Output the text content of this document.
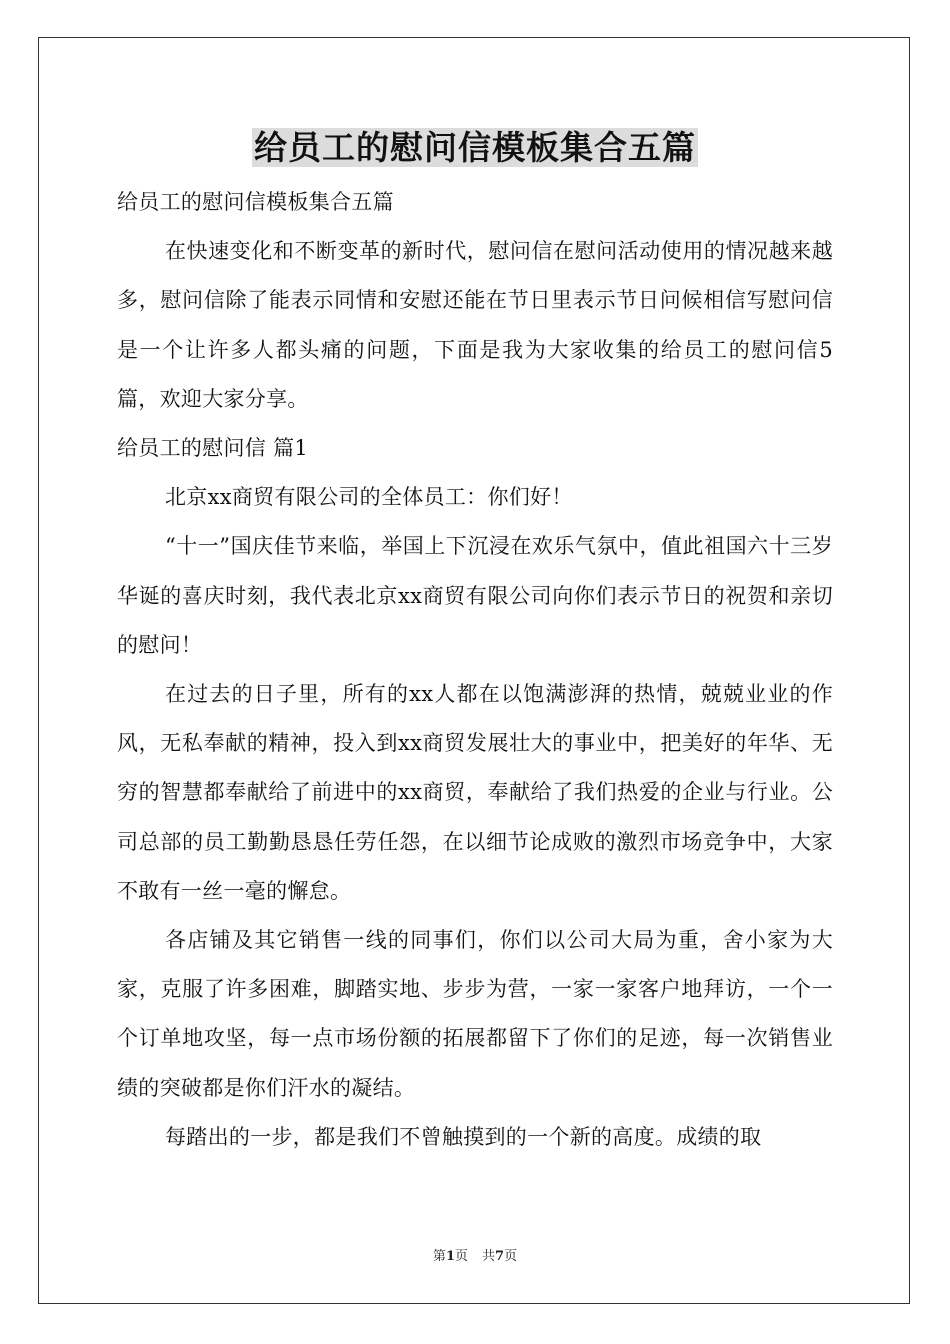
给员工的慰问信模板集合五篇

给员工的慰问信模板集合五篇

在快速变化和不断变革的新时代，慰问信在慰问活动使用的情况越来越多，慰问信除了能表示同情和安慰还能在节日里表示节日问候相信写慰问信是一个让许多人都头痛的问题，下面是我为大家收集的给员工的慰问信5篇，欢迎大家分享。

给员工的慰问信 篇1

北京xx商贸有限公司的全体员工：你们好！

“十一”国庆佳节来临，举国上下沉浸在欢乐气氛中，值此祖国六十三岁华诞的喜庆时刻，我代表北京xx商贸有限公司向你们表示节日的祝贺和亲切的慰问！

在过去的日子里，所有的xx人都在以饱满澎湃的热情，兢兢业业的作风，无私奉献的精神，投入到xx商贸发展壮大的事业中，把美好的年华、无穷的智慧都奉献给了前进中的xx商贸，奉献给了我们热爱的企业与行业。公司总部的员工勤勤恳恳任劳任怨，在以细节论成败的激烈市场竞争中，大家不敢有一丝一毫的懈怠。

各店铺及其它销售一线的同事们，你们以公司大局为重，舍小家为大家，克服了许多困难，脚踏实地、步步为营，一家一家客户地拜访，一个一个订单地攻坚，每一点市场份额的拓展都留下了你们的足迹，每一次销售业绩的突破都是你们汗水的凝结。

每踏出的一步，都是我们不曾触摸到的一个新的高度。成绩的取

第1页 共7页
